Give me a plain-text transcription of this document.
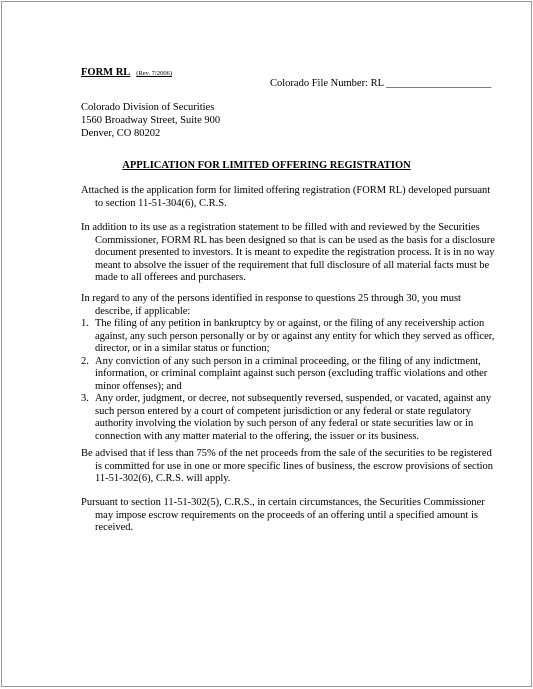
FORM RL (Rev. 7/2006)
Colorado File Number: RL ____________________
Colorado Division of Securities
1560 Broadway Street, Suite 900
Denver, CO 80202
APPLICATION FOR LIMITED OFFERING REGISTRATION

Attached is the application form for limited offering registration (FORM RL) developed pursuant to section 11-51-304(6), C.R.S.

In addition to its use as a registration statement to be filled with and reviewed by the Securities Commissioner, FORM RL has been designed so that is can be used as the basis for a disclosure document presented to investors. It is meant to expedite the registration process. It is in no way meant to absolve the issuer of the requirement that full disclosure of all material facts must be made to all offerees and purchasers.

In regard to any of the persons identified in response to questions 25 through 30, you must describe, if applicable:

1. The filing of any petition in bankruptcy by or against, or the filing of any receivership action against, any such person personally or by or against any entity for which they served as officer, director, or in a similar status or function;
2. Any conviction of any such person in a criminal proceeding, or the filing of any indictment, information, or criminal complaint against such person (excluding traffic violations and other minor offenses); and
3. Any order, judgment, or decree, not subsequently reversed, suspended, or vacated, against any such person entered by a court of competent jurisdiction or any federal or state regulatory authority involving the violation by such person of any federal or state securities law or in connection with any matter material to the offering, the issuer or its business.

Be advised that if less than 75% of the net proceeds from the sale of the securities to be registered is committed for use in one or more specific lines of business, the escrow provisions of section 11-51-302(6), C.R.S. will apply.

Pursuant to section 11-51-302(5), C.R.S., in certain circumstances, the Securities Commissioner may impose escrow requirements on the proceeds of an offering until a specified amount is received.
